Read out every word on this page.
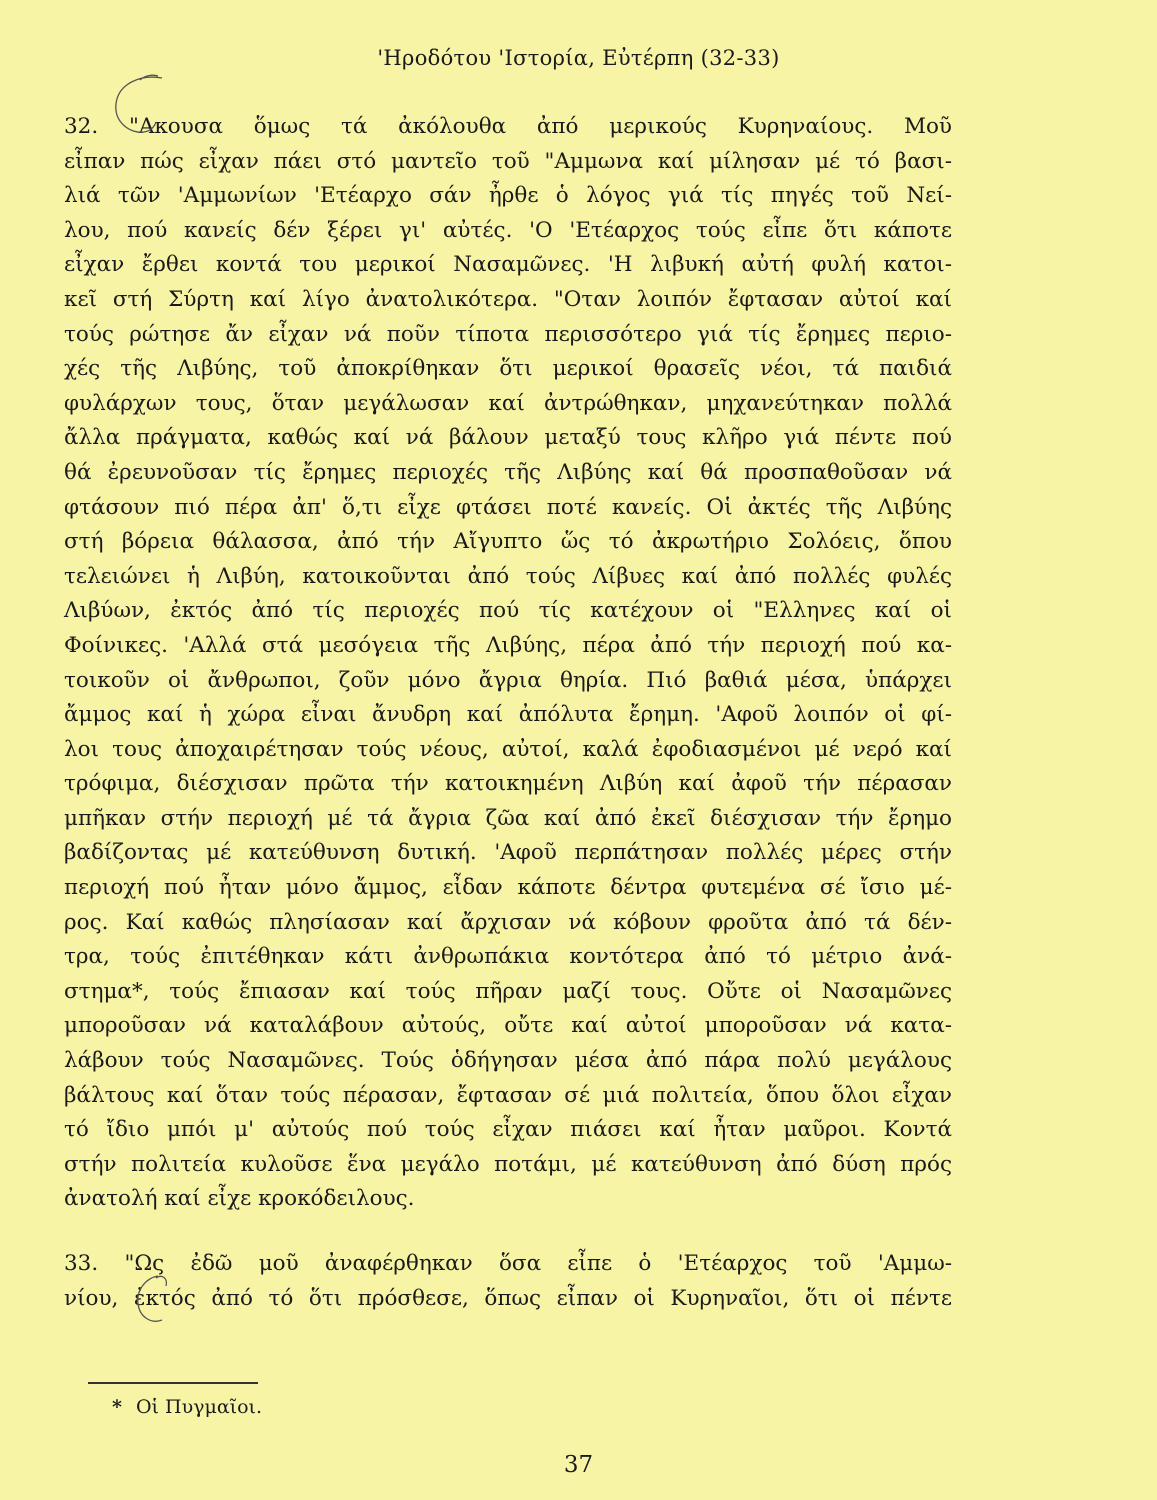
'Ηροδότου 'Ιστορία, Εὐτέρπη (32-33)
32. "Ακουσα ὅμως τά ἀκόλουθα ἀπό μερικούς Κυρηναίους. Μοῦ
εἶπαν πώς εἶχαν πάει στό μαντεῖο τοῦ "Αμμωνα καί μίλησαν μέ τό βασι-
λιά τῶν 'Αμμωνίων 'Ετέαρχο σάν ἦρθε ὁ λόγος γιά τίς πηγές τοῦ Νεί-
λου, πού κανείς δέν ξέρει γι' αὐτές. 'Ο 'Ετέαρχος τούς εἶπε ὅτι κάποτε
εἶχαν ἔρθει κοντά του μερικοί Νασαμῶνες. 'Η λιβυκή αὐτή φυλή κατοι-
κεῖ στή Σύρτη καί λίγο ἀνατολικότερα. "Οταν λοιπόν ἔφτασαν αὐτοί καί
τούς ρώτησε ἄν εἶχαν νά ποῦν τίποτα περισσότερο γιά τίς ἔρημες περιο-
χές τῆς Λιβύης, τοῦ ἀποκρίθηκαν ὅτι μερικοί θρασεῖς νέοι, τά παιδιά
φυλάρχων τους, ὅταν μεγάλωσαν καί ἀντρώθηκαν, μηχανεύτηκαν πολλά
ἄλλα πράγματα, καθώς καί νά βάλουν μεταξύ τους κλῆρο γιά πέντε πού
θά ἐρευνοῦσαν τίς ἔρημες περιοχές τῆς Λιβύης καί θά προσπαθοῦσαν νά
φτάσουν πιό πέρα ἀπ' ὅ,τι εἶχε φτάσει ποτέ κανείς. Οἱ ἀκτές τῆς Λιβύης
στή βόρεια θάλασσα, ἀπό τήν Αἴγυπτο ὥς τό ἀκρωτήριο Σολόεις, ὅπου
τελειώνει ἡ Λιβύη, κατοικοῦνται ἀπό τούς Λίβυες καί ἀπό πολλές φυλές
Λιβύων, ἐκτός ἀπό τίς περιοχές πού τίς κατέχουν οἱ "Ελληνες καί οἱ
Φοίνικες. 'Αλλά στά μεσόγεια τῆς Λιβύης, πέρα ἀπό τήν περιοχή πού κα-
τοικοῦν οἱ ἄνθρωποι, ζοῦν μόνο ἄγρια θηρία. Πιό βαθιά μέσα, ὑπάρχει
ἄμμος καί ἡ χώρα εἶναι ἄνυδρη καί ἀπόλυτα ἔρημη. 'Αφοῦ λοιπόν οἱ φί-
λοι τους ἀποχαιρέτησαν τούς νέους, αὐτοί, καλά ἐφοδιασμένοι μέ νερό καί
τρόφιμα, διέσχισαν πρῶτα τήν κατοικημένη Λιβύη καί ἀφοῦ τήν πέρασαν
μπῆκαν στήν περιοχή μέ τά ἄγρια ζῶα καί ἀπό ἐκεῖ διέσχισαν τήν ἔρημο
βαδίζοντας μέ κατεύθυνση δυτική. 'Αφοῦ περπάτησαν πολλές μέρες στήν
περιοχή πού ἦταν μόνο ἄμμος, εἶδαν κάποτε δέντρα φυτεμένα σέ ἴσιο μέ-
ρος. Καί καθώς πλησίασαν καί ἄρχισαν νά κόβουν φροῦτα ἀπό τά δέν-
τρα, τούς ἐπιτέθηκαν κάτι ἀνθρωπάκια κοντότερα ἀπό τό μέτριο ἀνά-
στημα*, τούς ἔπιασαν καί τούς πῆραν μαζί τους. Οὔτε οἱ Νασαμῶνες
μποροῦσαν νά καταλάβουν αὐτούς, οὔτε καί αὐτοί μποροῦσαν νά κατα-
λάβουν τούς Νασαμῶνες. Τούς ὁδήγησαν μέσα ἀπό πάρα πολύ μεγάλους
βάλτους καί ὅταν τούς πέρασαν, ἔφτασαν σέ μιά πολιτεία, ὅπου ὅλοι εἶχαν
τό ἴδιο μπόι μ' αὐτούς πού τούς εἶχαν πιάσει καί ἦταν μαῦροι. Κοντά
στήν πολιτεία κυλοῦσε ἕνα μεγάλο ποτάμι, μέ κατεύθυνση ἀπό δύση πρός
ἀνατολή καί εἶχε κροκόδειλους.
33. "Ως ἐδῶ μοῦ ἀναφέρθηκαν ὅσα εἶπε ὁ 'Ετέαρχος τοῦ 'Αμμω-
νίου, ἐκτός ἀπό τό ὅτι πρόσθεσε, ὅπως εἶπαν οἱ Κυρηναῖοι, ὅτι οἱ πέντε
* Οἱ Πυγμαῖοι.
37
